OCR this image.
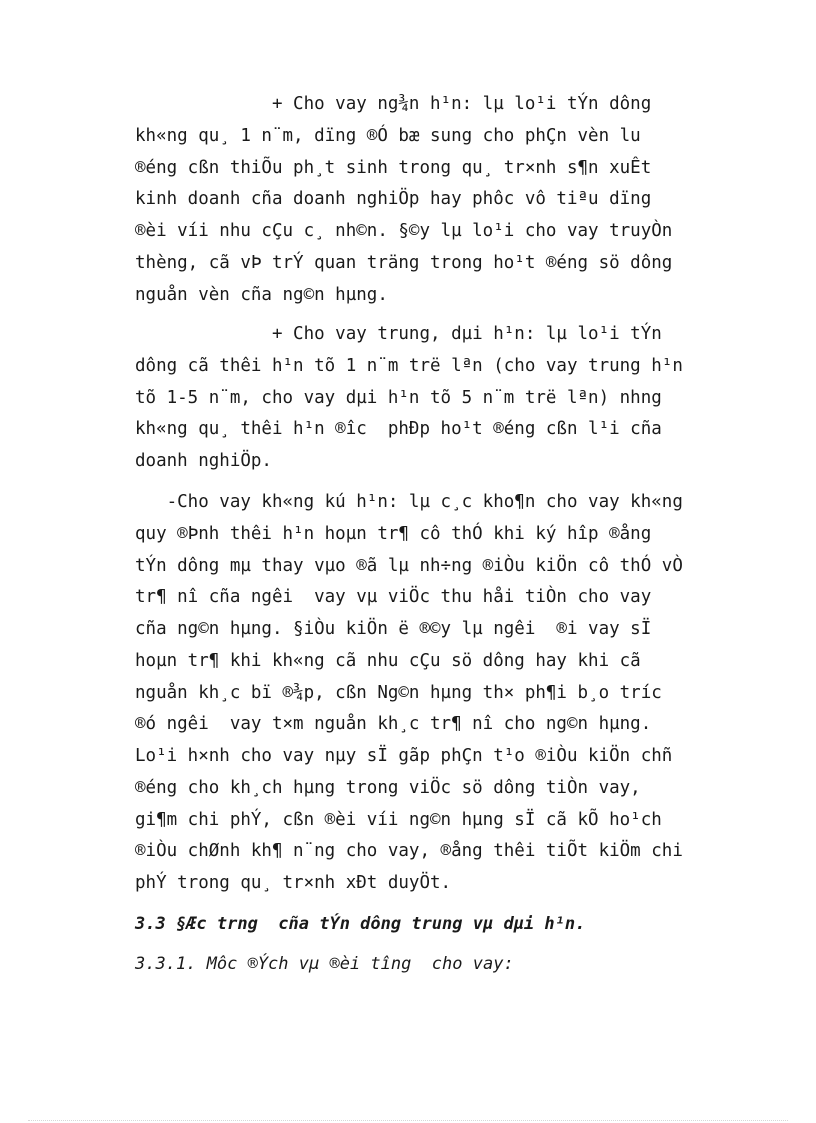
+ Cho vay ng¾n h¹n: lµ lo¹i tÝn dông
kh«ng qu¸ 1 n¨m, dïng ®Ó bæ sung cho phÇn vèn lu
®éng cßn thiÕu ph¸t sinh trong qu¸ tr×nh s¶n xuÊt
kinh doanh cña doanh nghiÖp hay phôc vô tiªu dïng
®èi víi nhu cÇu c¸ nh©n. §©y lµ lo¹i cho vay truyÒn
thèng, cã vÞ trÝ quan träng trong ho¹t ®éng sö dông
nguån vèn cña ng©n hµng.
+ Cho vay trung, dµi h¹n: lµ lo¹i tÝn
dông cã thêi h¹n tõ 1 n¨m trë lªn (cho vay trung h¹n
tõ 1-5 n¨m, cho vay dµi h¹n tõ 5 n¨m trë lªn) nhng
kh«ng qu¸ thêi h¹n ®îc  phÐp ho¹t ®éng cßn l¹i cña
doanh nghiÖp.
-Cho vay kh«ng kú h¹n: lµ c¸c kho¶n cho vay kh«ng
quy ®Þnh thêi h¹n hoµn tr¶ cô thÓ khi ký hîp ®ång
tÝn dông mµ thay vµo ®ã lµ nh÷ng ®iÒu kiÖn cô thÓ vÒ
tr¶ nî cña ngêi  vay vµ viÖc thu håi tiÒn cho vay
cña ng©n hµng. §iÒu kiÖn ë ®©y lµ ngêi  ®i vay sÏ
hoµn tr¶ khi kh«ng cã nhu cÇu sö dông hay khi cã
nguån kh¸c bï ®¾p, cßn Ng©n hµng th× ph¶i b¸o tríc
®ó ngêi  vay t×m nguån kh¸c tr¶ nî cho ng©n hµng.
Lo¹i h×nh cho vay nµy sÏ gãp phÇn t¹o ®iÒu kiÖn chñ
®éng cho kh¸ch hµng trong viÖc sö dông tiÒn vay,
gi¶m chi phÝ, cßn ®èi víi ng©n hµng sÏ cã kÕ ho¹ch
®iÒu chØnh kh¶ n¨ng cho vay, ®ång thêi tiÕt kiÖm chi
phÝ trong qu¸ tr×nh xÐt duyÖt.
3.3 §Æc trng  cña tÝn dông trung vµ dµi h¹n.
3.3.1. Môc ®Ých vµ ®èi tîng  cho vay:
